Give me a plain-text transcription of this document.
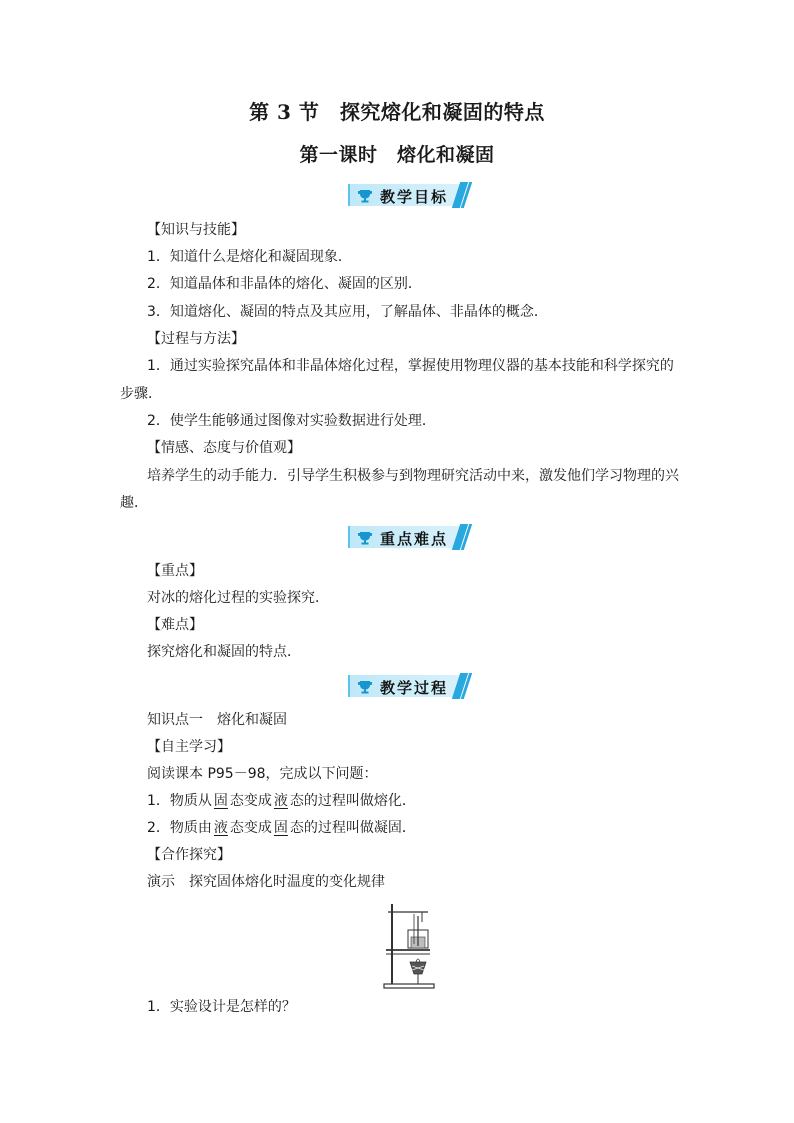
第 3 节　探究熔化和凝固的特点
第一课时　熔化和凝固
教学目标
【知识与技能】
1．知道什么是熔化和凝固现象．
2．知道晶体和非晶体的熔化、凝固的区别．
3．知道熔化、凝固的特点及其应用，了解晶体、非晶体的概念．
【过程与方法】
1．通过实验探究晶体和非晶体熔化过程，掌握使用物理仪器的基本技能和科学探究的
步骤．
2．使学生能够通过图像对实验数据进行处理．
【情感、态度与价值观】
培养学生的动手能力．引导学生积极参与到物理研究活动中来，激发他们学习物理的兴
趣．
重点难点
【重点】
对冰的熔化过程的实验探究．
【难点】
探究熔化和凝固的特点．
教学过程
知识点一　熔化和凝固
【自主学习】
阅读课本 P95－98，完成以下问题：
1．物质从 固 态变成 液 态的过程叫做熔化．
2．物质由 液 态变成 固 态的过程叫做凝固．
【合作探究】
演示　探究固体熔化时温度的变化规律
1．实验设计是怎样的？
